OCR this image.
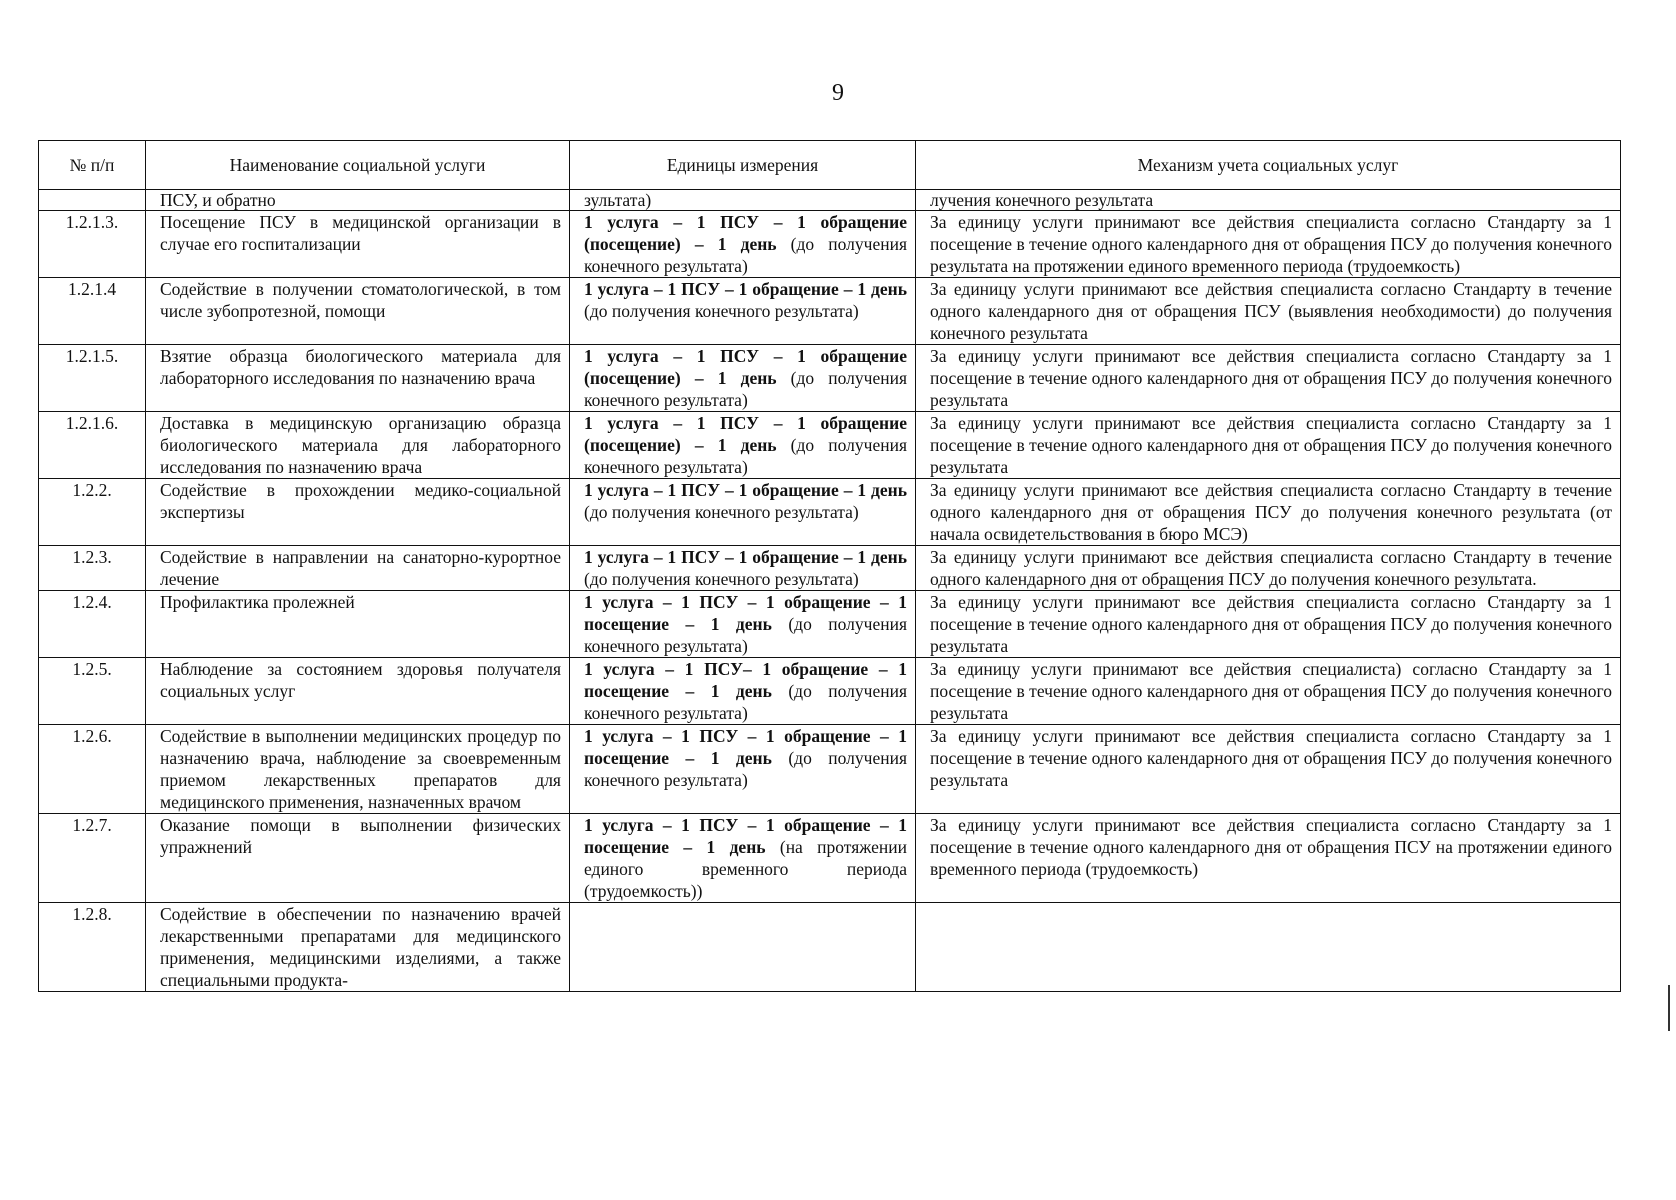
9
№ п/п	Наименование социальной услуги	Единицы измерения	Механизм учета социальных услуг
	ПСУ, и обратно	зультата)	лучения конечного результата
1.2.1.3.	Посещение ПСУ в медицинской организации в случае его госпитализации	1 услуга – 1 ПСУ – 1 обращение (посещение) – 1 день (до получения конечного результата)	За единицу услуги принимают все действия специалиста согласно Стандарту за 1 посещение в течение одного календарного дня от обращения ПСУ до получения конечного результата на протяжении единого временного периода (трудоемкость)
1.2.1.4	Содействие в получении стоматологической, в том числе зубопротезной, помощи	1 услуга – 1 ПСУ – 1 обращение – 1 день (до получения конечного результата)	За единицу услуги принимают все действия специалиста согласно Стандарту в течение одного календарного дня от обращения ПСУ (выявления необходимости) до получения конечного результата
1.2.1.5.	Взятие образца биологического материала для лабораторного исследования по назначению врача	1 услуга – 1 ПСУ – 1 обращение (посещение) – 1 день (до получения конечного результата)	За единицу услуги принимают все действия специалиста согласно Стандарту за 1 посещение в течение одного календарного дня от обращения ПСУ до получения конечного результата
1.2.1.6.	Доставка в медицинскую организацию образца биологического материала для лабораторного исследования по назначению врача	1 услуга – 1 ПСУ – 1 обращение (посещение) – 1 день (до получения конечного результата)	За единицу услуги принимают все действия специалиста согласно Стандарту за 1 посещение в течение одного календарного дня от обращения ПСУ до получения конечного результата
1.2.2.	Содействие в прохождении медико-социальной экспертизы	1 услуга – 1 ПСУ – 1 обращение – 1 день (до получения конечного результата)	За единицу услуги принимают все действия специалиста согласно Стандарту в течение одного календарного дня от обращения ПСУ до получения конечного результата (от начала освидетельствования в бюро МСЭ)
1.2.3.	Содействие в направлении на санаторно-курортное лечение	1 услуга – 1 ПСУ – 1 обращение – 1 день (до получения конечного результата)	За единицу услуги принимают все действия специалиста согласно Стандарту в течение одного календарного дня от обращения ПСУ до получения конечного результата.
1.2.4.	Профилактика пролежней	1 услуга – 1 ПСУ – 1 обращение – 1 посещение – 1 день (до получения конечного результата)	За единицу услуги принимают все действия специалиста согласно Стандарту за 1 посещение в течение одного календарного дня от обращения ПСУ до получения конечного результата
1.2.5.	Наблюдение за состоянием здоровья получателя социальных услуг	1 услуга – 1 ПСУ– 1 обращение – 1 посещение – 1 день (до получения конечного результата)	За единицу услуги принимают все действия специалиста) согласно Стандарту за 1 посещение в течение одного календарного дня от обращения ПСУ до получения конечного результата
1.2.6.	Содействие в выполнении медицинских процедур по назначению врача, наблюдение за своевременным приемом лекарственных препаратов для медицинского применения, назначенных врачом	1 услуга – 1 ПСУ – 1 обращение – 1 посещение – 1 день (до получения конечного результата)	За единицу услуги принимают все действия специалиста согласно Стандарту за 1 посещение в течение одного календарного дня от обращения ПСУ до получения конечного результата
1.2.7.	Оказание помощи в выполнении физических упражнений	1 услуга – 1 ПСУ – 1 обращение – 1 посещение – 1 день (на протяжении единого временного периода (трудоемкость))	За единицу услуги принимают все действия специалиста согласно Стандарту за 1 посещение в течение одного календарного дня от обращения ПСУ на протяжении единого временного периода (трудоемкость)
1.2.8.	Содействие в обеспечении по назначению врачей лекарственными препаратами для медицинского применения, медицинскими изделиями, а также специальными продукта-		
